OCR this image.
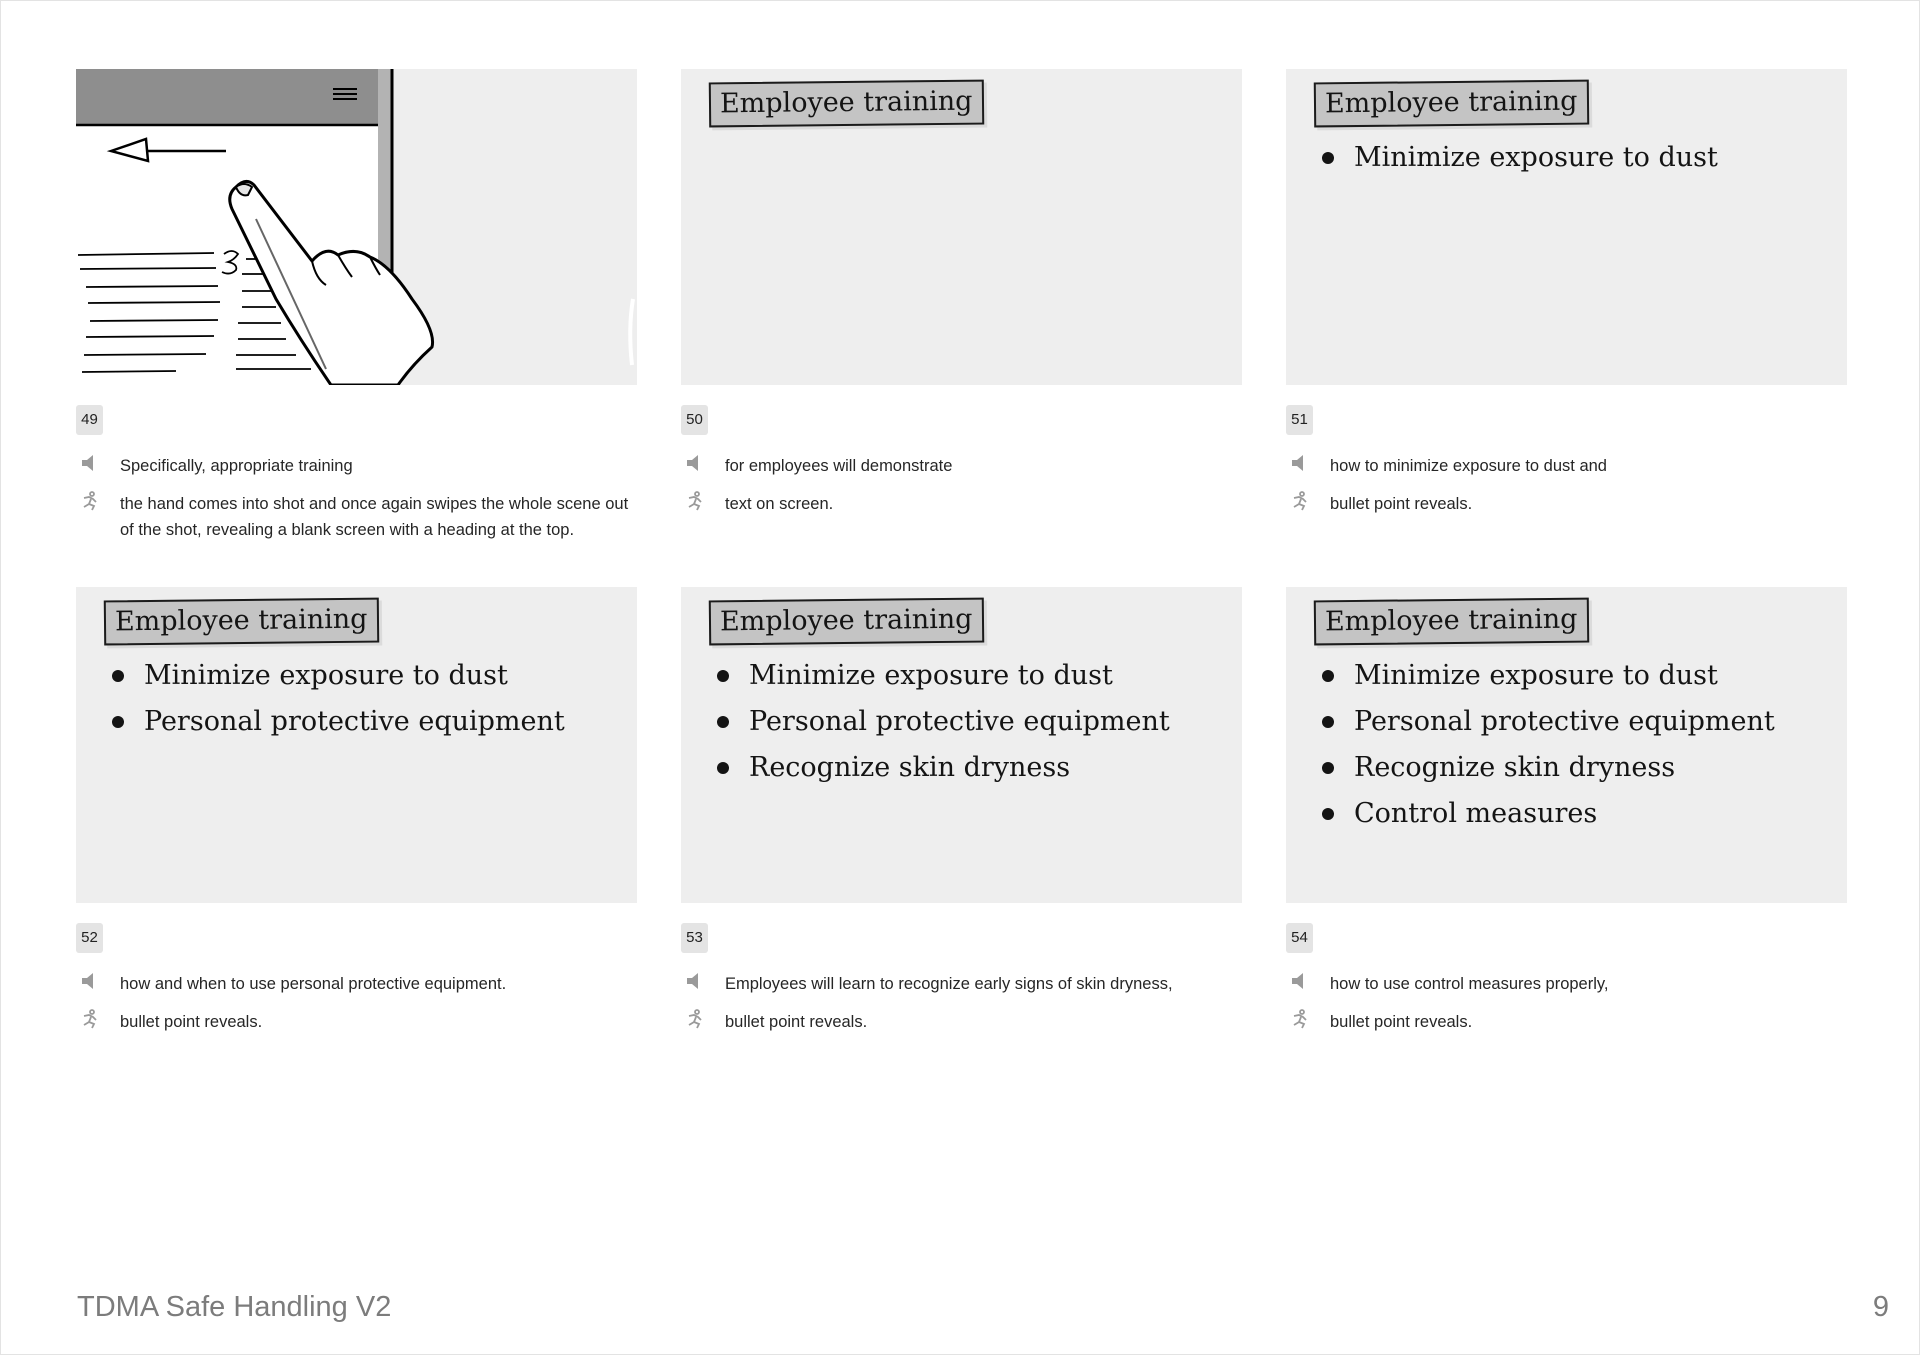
49
Specifically, appropriate training
the hand comes into shot and once again swipes the whole scene out of the shot, revealing a blank screen with a heading at the top.
Employee training
50
for employees will demonstrate
text on screen.
Employee training
Minimize exposure to dust
51
how to minimize exposure to dust and
bullet point reveals.
Employee training
Minimize exposure to dust
Personal protective equipment
52
how and when to use personal protective equipment.
bullet point reveals.
Employee training
Minimize exposure to dust
Personal protective equipment
Recognize skin dryness
53
Employees will learn to recognize early signs of skin dryness,
bullet point reveals.
Employee training
Minimize exposure to dust
Personal protective equipment
Recognize skin dryness
Control measures
54
how to use control measures properly,
bullet point reveals.
TDMA Safe Handling V2	9
